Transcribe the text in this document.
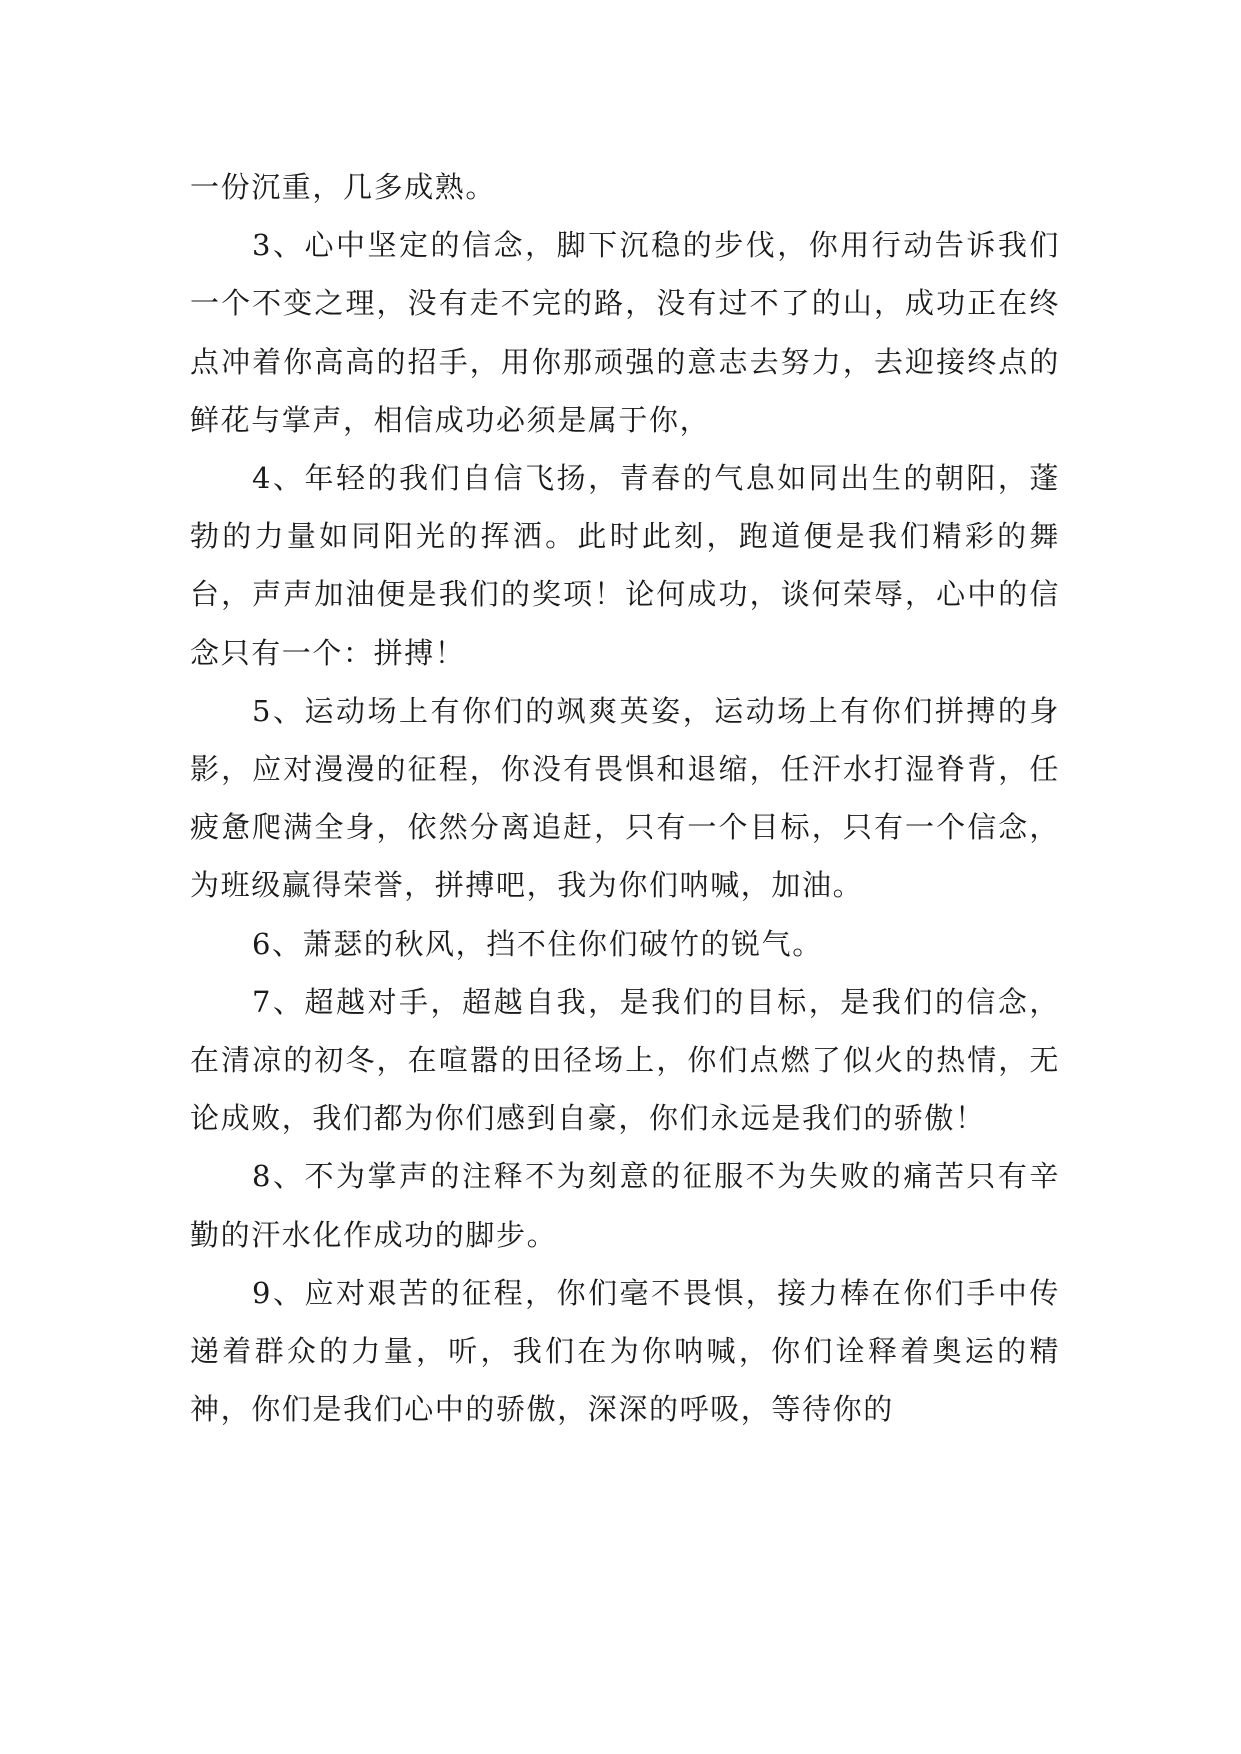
一份沉重，几多成熟。

3、心中坚定的信念，脚下沉稳的步伐，你用行动告诉我们一个不变之理，没有走不完的路，没有过不了的山，成功正在终点冲着你高高的招手，用你那顽强的意志去努力，去迎接终点的鲜花与掌声，相信成功必须是属于你，

4、年轻的我们自信飞扬，青春的气息如同出生的朝阳，蓬勃的力量如同阳光的挥洒。此时此刻，跑道便是我们精彩的舞台，声声加油便是我们的奖项！论何成功，谈何荣辱，心中的信念只有一个：拼搏！

5、运动场上有你们的飒爽英姿，运动场上有你们拼搏的身影，应对漫漫的征程，你没有畏惧和退缩，任汗水打湿脊背，任疲惫爬满全身，依然分离追赶，只有一个目标，只有一个信念，为班级赢得荣誉，拼搏吧，我为你们呐喊，加油。

6、萧瑟的秋风，挡不住你们破竹的锐气。

7、超越对手，超越自我，是我们的目标，是我们的信念，在清凉的初冬，在喧嚣的田径场上，你们点燃了似火的热情，无论成败，我们都为你们感到自豪，你们永远是我们的骄傲！

8、不为掌声的注释不为刻意的征服不为失败的痛苦只有辛勤的汗水化作成功的脚步。

9、应对艰苦的征程，你们毫不畏惧，接力棒在你们手中传递着群众的力量，听，我们在为你呐喊，你们诠释着奥运的精神，你们是我们心中的骄傲，深深的呼吸，等待你的
